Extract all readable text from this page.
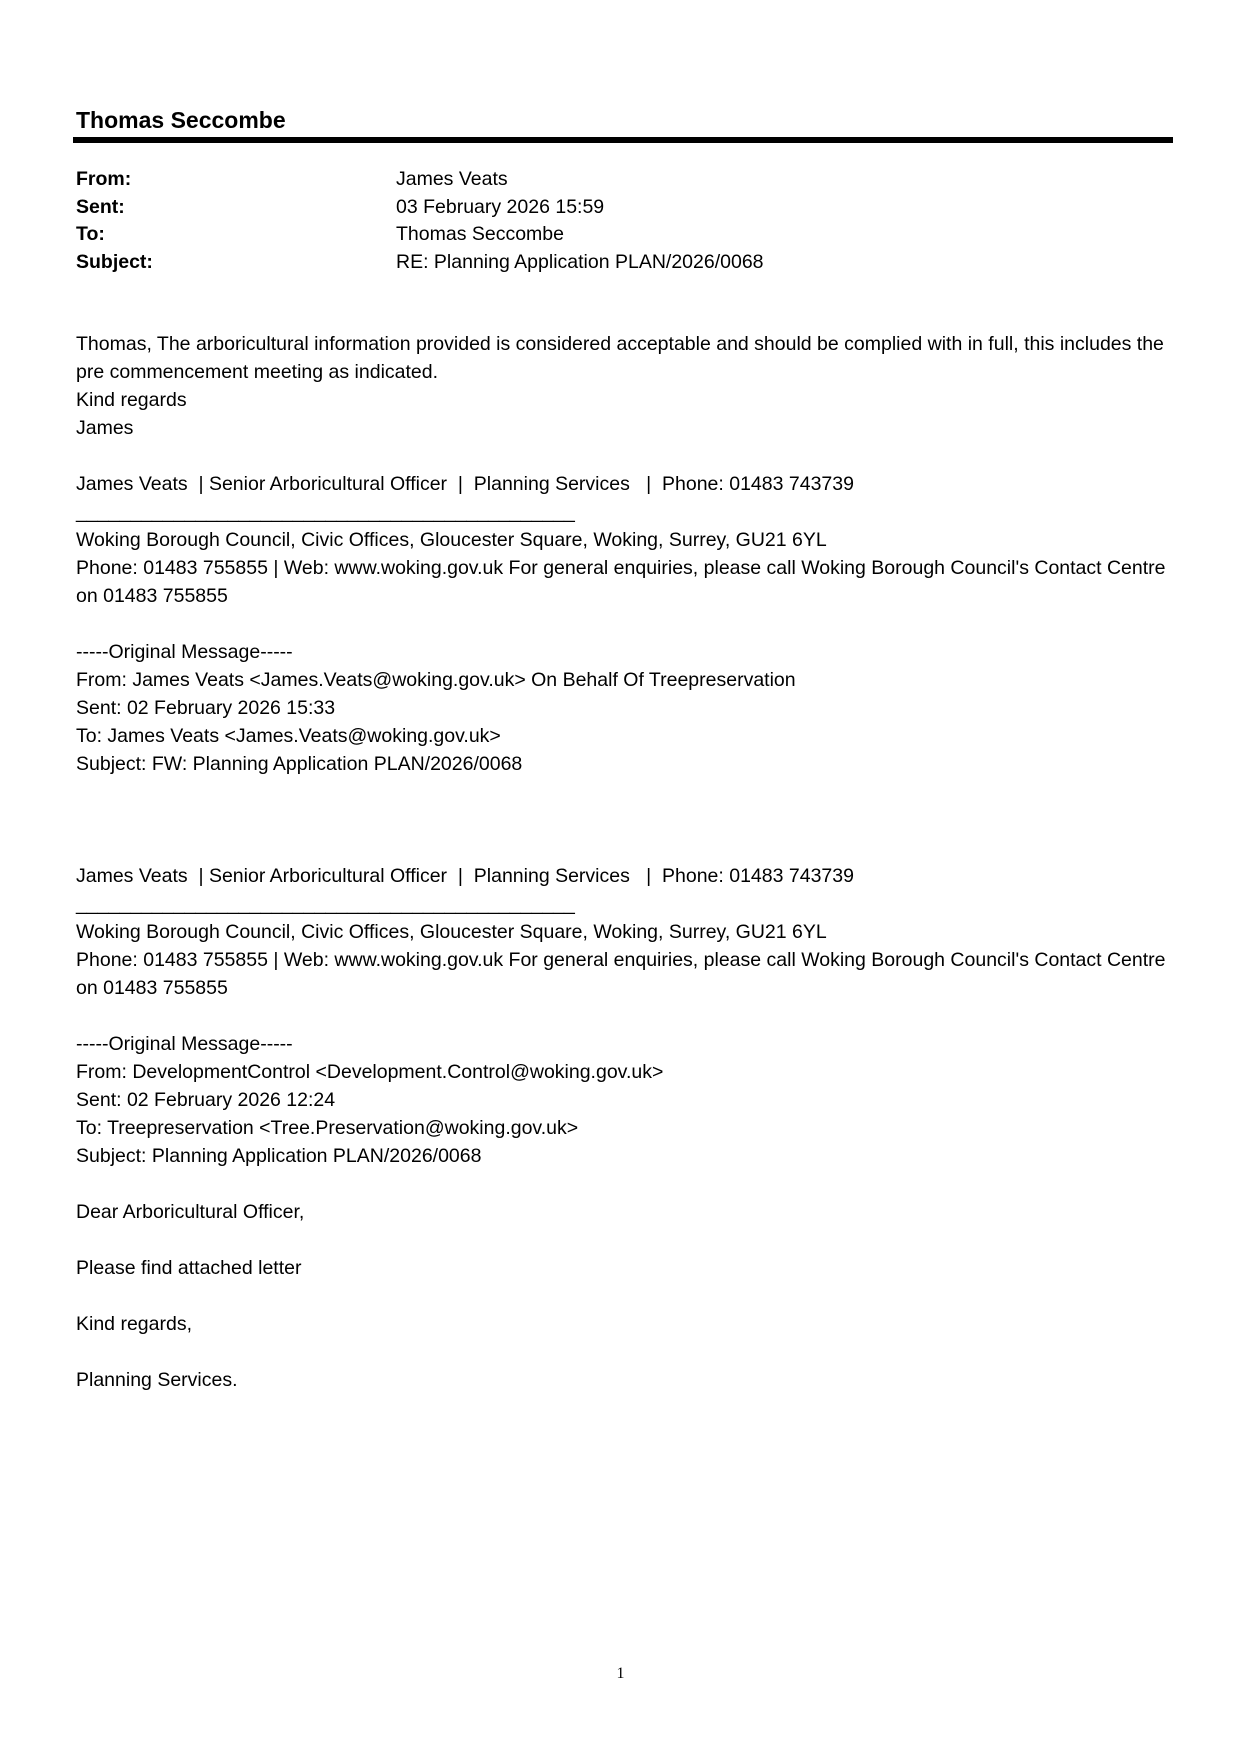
Thomas Seccombe
From:	James Veats
Sent:	03 February 2026 15:59
To:	Thomas Seccombe
Subject:	RE: Planning Application PLAN/2026/0068
Thomas, The arboricultural information provided is considered acceptable and should be complied with in full, this includes the pre commencement meeting as indicated.
Kind regards
James
James Veats  | Senior Arboricultural Officer  |  Planning Services   |  Phone: 01483 743739
______________________________________________
Woking Borough Council, Civic Offices, Gloucester Square, Woking, Surrey, GU21 6YL
Phone: 01483 755855 | Web: www.woking.gov.uk For general enquiries, please call Woking Borough Council's Contact Centre on 01483 755855
-----Original Message-----
From: James Veats <James.Veats@woking.gov.uk> On Behalf Of Treepreservation
Sent: 02 February 2026 15:33
To: James Veats <James.Veats@woking.gov.uk>
Subject: FW: Planning Application PLAN/2026/0068
James Veats  | Senior Arboricultural Officer  |  Planning Services   |  Phone: 01483 743739
______________________________________________
Woking Borough Council, Civic Offices, Gloucester Square, Woking, Surrey, GU21 6YL
Phone: 01483 755855 | Web: www.woking.gov.uk For general enquiries, please call Woking Borough Council's Contact Centre on 01483 755855
-----Original Message-----
From: DevelopmentControl <Development.Control@woking.gov.uk>
Sent: 02 February 2026 12:24
To: Treepreservation <Tree.Preservation@woking.gov.uk>
Subject: Planning Application PLAN/2026/0068
Dear Arboricultural Officer,
Please find attached letter
Kind regards,
Planning Services.
1
